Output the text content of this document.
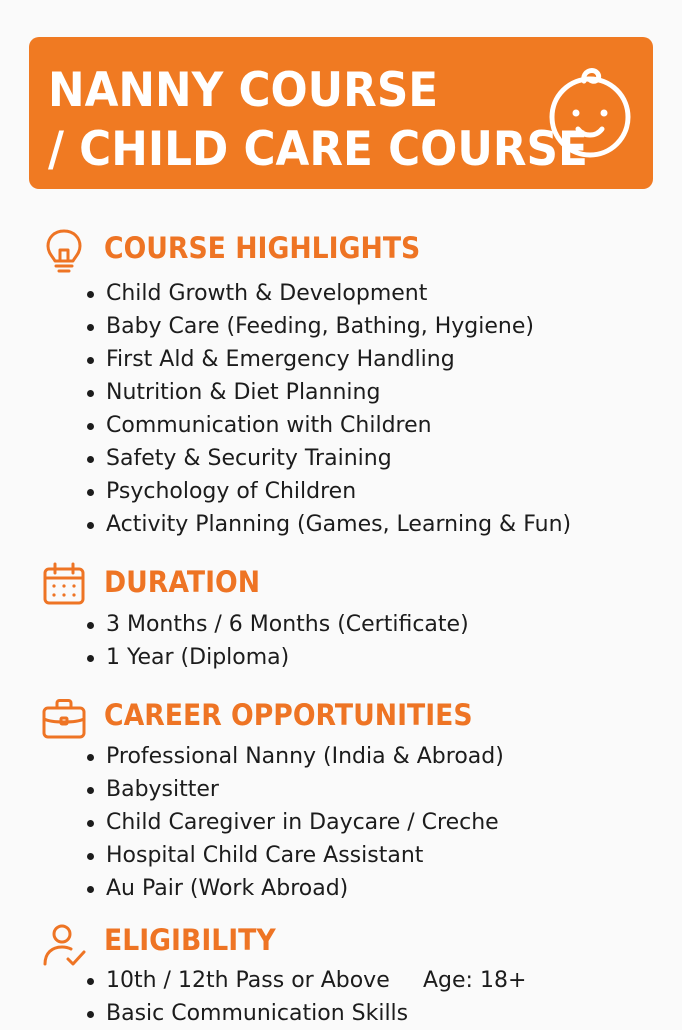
NANNY COURSE
/ CHILD CARE COURSE
COURSE HIGHLIGHTS
Child Growth & Development
Baby Care (Feeding, Bathing, Hygiene)
First Ald & Emergency Handling
Nutrition & Diet Planning
Communication with Children
Safety & Security Training
Psychology of Children
Activity Planning (Games, Learning & Fun)
DURATION
3 Months / 6 Months (Certificate)
1 Year (Diploma)
CAREER OPPORTUNITIES
Professional Nanny (India & Abroad)
Babysitter
Child Caregiver in Daycare / Creche
Hospital Child Care Assistant
Au Pair (Work Abroad)
ELIGIBILITY
10th / 12th Pass or Above Age: 18+
Basic Communication Skills
